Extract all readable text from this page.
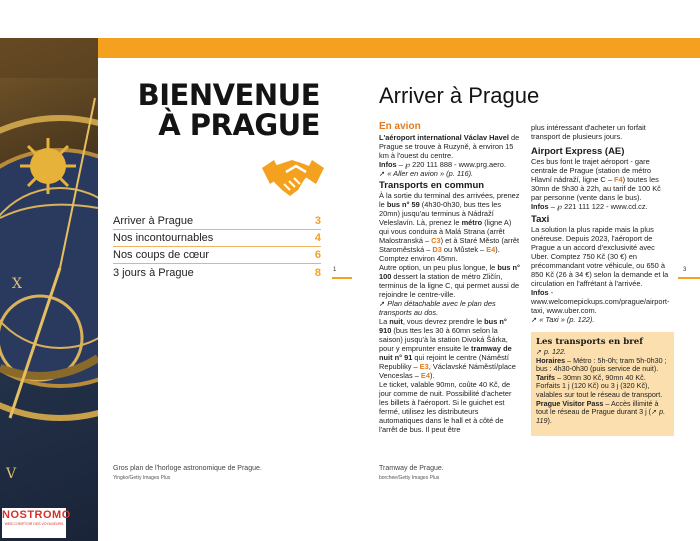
X
V
BIENVENUE
À PRAGUE
Arriver à Prague	3
Nos incontournables	4
Nos coups de cœur	6
3 jours à Prague	8 1
Gros plan de l'horloge astronomique de Prague.
Yingko/Getty Images Plus
NOSTROMO
WEB COMPTOIR DES VOYAGEURS
Arriver à Prague
En avion

L'aéroport international Václav Havel de Prague se trouve à Ruzyně, à environ 15 km à l'ouest du centre.

Infos – ℘ 220 111 888 - www.prg.aero.

➚ « Aller en avion » (p. 116).

Transports en commun

À la sortie du terminal des arrivées, prenez le bus n° 59 (4h30-0h30, bus ttes les 20mn) jusqu'au terminus à Nádraží Veleslavín. Là, prenez le métro (ligne A) qui vous conduira à Malá Strana (arrêt Malostranská – C3) et à Staré Město (arrêt Staroměstská – D3 ou Můstek – E4). Comptez environ 45mn.

Autre option, un peu plus longue, le bus n° 100 dessert la station de métro Zličín, terminus de la ligne C, qui permet aussi de rejoindre le centre-ville.

➚ Plan détachable avec le plan des transports au dos.

La nuit, vous devrez prendre le bus n° 910 (bus ttes les 30 à 60mn selon la saison) jusqu'à la station Divoká Šárka, pour y emprunter ensuite le tramway de nuit n° 91 qui rejoint le centre (Náměstí Republiky – E3, Václavské Náměstí/place Venceslas – E4).

Le ticket, valable 90mn, coûte 40 Kč, de jour comme de nuit. Possibilité d'acheter les billets à l'aéroport. Si le guichet est fermé, utilisez les distributeurs automatiques dans le hall et à côté de l'arrêt de bus. Il peut être

plus intéressant d'acheter un forfait transport de plusieurs jours.

Airport Express (AE)

Ces bus font le trajet aéroport - gare centrale de Prague (station de métro Hlavní nádraží, ligne C – F4) toutes les 30mn de 5h30 à 22h, au tarif de 100 Kč par personne (vente dans le bus).

Infos – ℘ 221 111 122 - www.cd.cz.

Taxi

La solution la plus rapide mais la plus onéreuse. Depuis 2023, l'aéroport de Prague a un accord d'exclusivité avec Uber. Comptez 750 Kč (30 €) en précommandant votre véhicule, ou 650 à 850 Kč (26 à 34 €) selon la demande et la circulation en l'affrétant à l'arrivée.

Infos - www.welcomepickups.com/prague/airport-taxi, www.uber.com.

➚ « Taxi » (p. 122).

Les transports en bref

➚ p. 122.

Horaires – Métro : 5h-0h; tram 5h-0h30 ; bus : 4h30-0h30 (puis service de nuit).

Tarifs – 30mn 30 Kč, 90mn 40 Kč. Forfaits 1 j (120 Kč) ou 3 j (320 Kč), valables sur tout le réseau de transport.

Prague Visitor Pass – Accès illimité à tout le réseau de Prague durant 3 j (➚ p. 119).

3
Tramway de Prague.
borchee/Getty Images Plus
